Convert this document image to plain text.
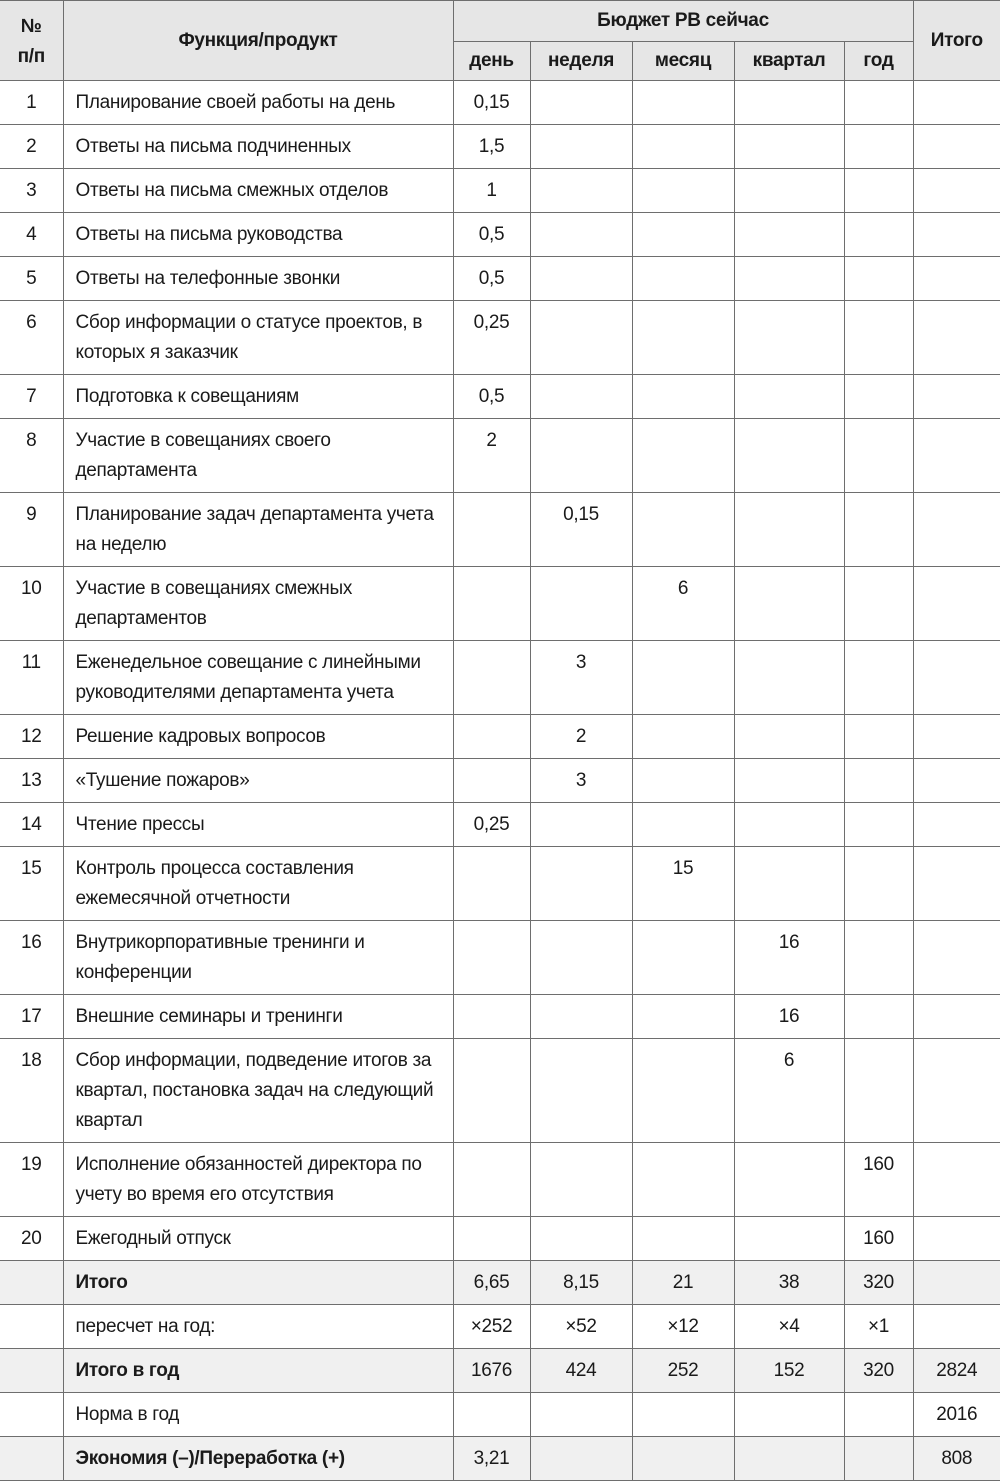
№
п/п	Функция/продукт	Бюджет РВ сейчас					Итого
		день	неделя	месяц	квартал	год	
1	Планирование своей работы на день	0,15					
2	Ответы на письма подчиненных	1,5					
3	Ответы на письма смежных отделов	1					
4	Ответы на письма руководства	0,5					
5	Ответы на телефонные звонки	0,5					
6	Сбор информации о статусе проектов, в которых я заказчик	0,25					
7	Подготовка к совещаниям	0,5					
8	Участие в совещаниях своего департамента	2					
9	Планирование задач департамента учета на неделю		0,15				
10	Участие в совещаниях смежных департаментов			6			
11	Еженедельное совещание с линейными руководителями департамента учета		3				
12	Решение кадровых вопросов		2				
13	«Тушение пожаров»		3				
14	Чтение прессы	0,25					
15	Контроль процесса составления ежемесячной отчетности			15			
16	Внутрикорпоративные тренинги и конференции				16		
17	Внешние семинары и тренинги				16		
18	Сбор информации, подведение итогов за квартал, постановка задач на следующий квартал				6		
19	Исполнение обязанностей директора по учету во время его отсутствия					160	
20	Ежегодный отпуск					160	
	Итого	6,65	8,15	21	38	320	
	пересчет на год:	×252	×52	×12	×4	×1	
	Итого в год	1676	424	252	152	320	2824
	Норма в год						2016
	Экономия (–)/Переработка (+)	3,21					808
